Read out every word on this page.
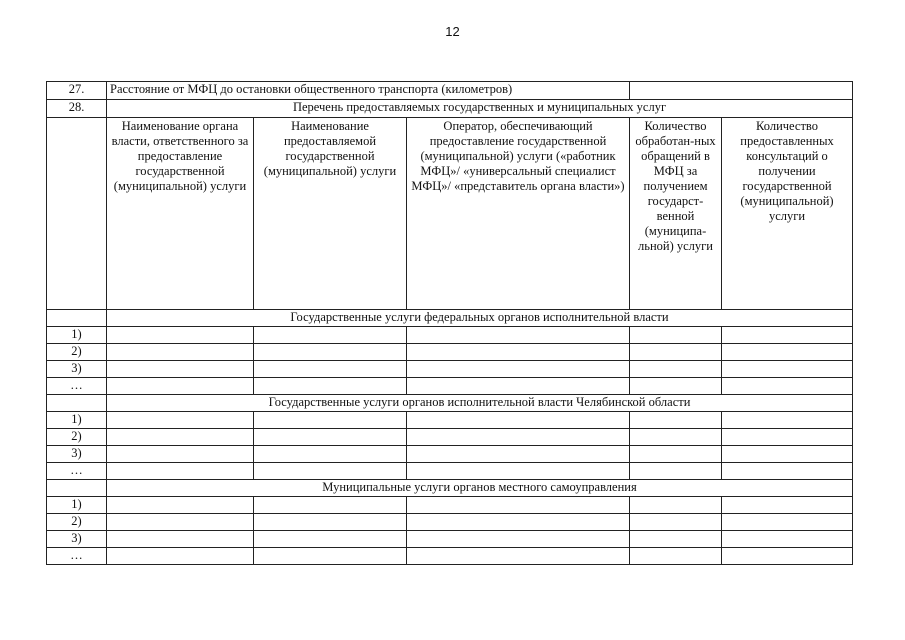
12
27.	Расстояние от МФЦ до остановки общественного транспорта (километров)				
28.	Перечень предоставляемых государственных и муниципальных услуг				
	Наименование органа власти, ответственного за предоставление государственной (муниципальной) услуги	Наименование предоставляемой государственной (муниципальной) услуги	Оператор, обеспечивающий предоставление государственной (муниципальной) услуги («работник МФЦ»/ «универсальный специалист МФЦ»/ «представитель органа власти»)	Количество обработан-ных обращений в МФЦ за получением государст-венной (муниципа-льной) услуги	Количество предоставленных консультаций о получении государственной (муниципальной) услуги
	Государственные услуги федеральных органов исполнительной власти				
1)					
2)					
3)					
…					
	Государственные услуги органов исполнительной власти Челябинской области				
1)					
2)					
3)					
…					
	Муниципальные услуги органов местного самоуправления				
1)					
2)					
3)					
…					
